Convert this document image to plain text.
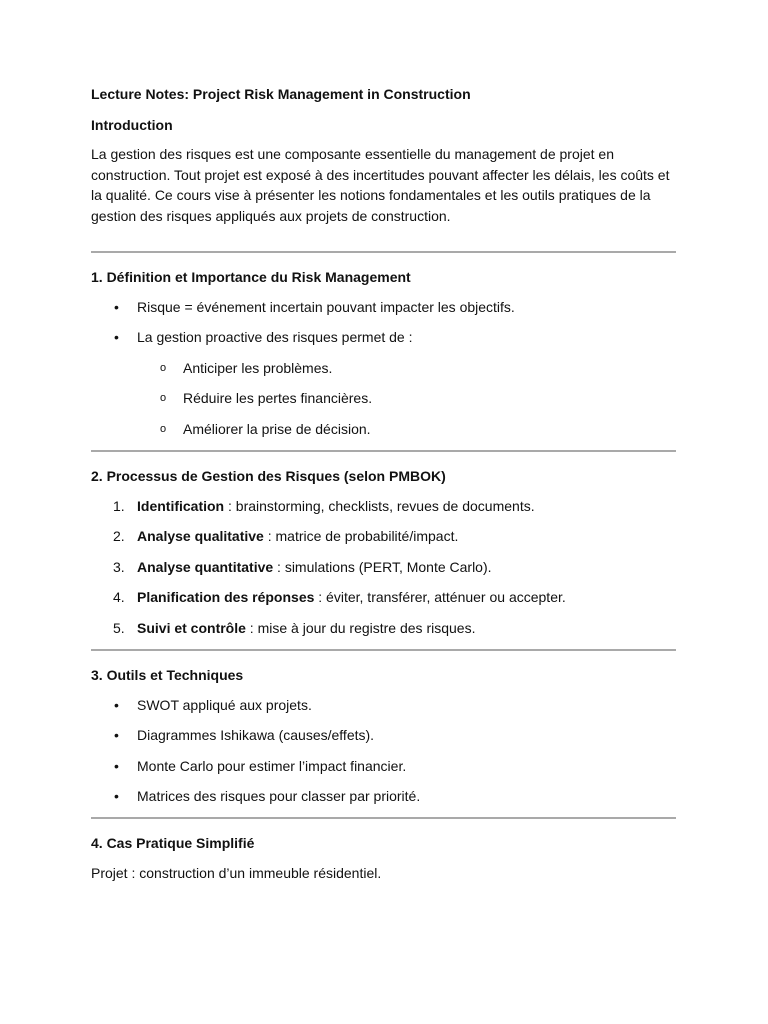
Lecture Notes: Project Risk Management in Construction

Introduction

La gestion des risques est une composante essentielle du management de projet en construction. Tout projet est exposé à des incertitudes pouvant affecter les délais, les coûts et la qualité. Ce cours vise à présenter les notions fondamentales et les outils pratiques de la gestion des risques appliqués aux projets de construction.

1. Définition et Importance du Risk Management

• Risque = événement incertain pouvant impacter les objectifs.
• La gestion proactive des risques permet de :
o Anticiper les problèmes.
o Réduire les pertes financières.
o Améliorer la prise de décision.

2. Processus de Gestion des Risques (selon PMBOK)

1. Identification : brainstorming, checklists, revues de documents.
2. Analyse qualitative : matrice de probabilité/impact.
3. Analyse quantitative : simulations (PERT, Monte Carlo).
4. Planification des réponses : éviter, transférer, atténuer ou accepter.
5. Suivi et contrôle : mise à jour du registre des risques.

3. Outils et Techniques

• SWOT appliqué aux projets.
• Diagrammes Ishikawa (causes/effets).
• Monte Carlo pour estimer l’impact financier.
• Matrices des risques pour classer par priorité.

4. Cas Pratique Simplifié

Projet : construction d’un immeuble résidentiel.
